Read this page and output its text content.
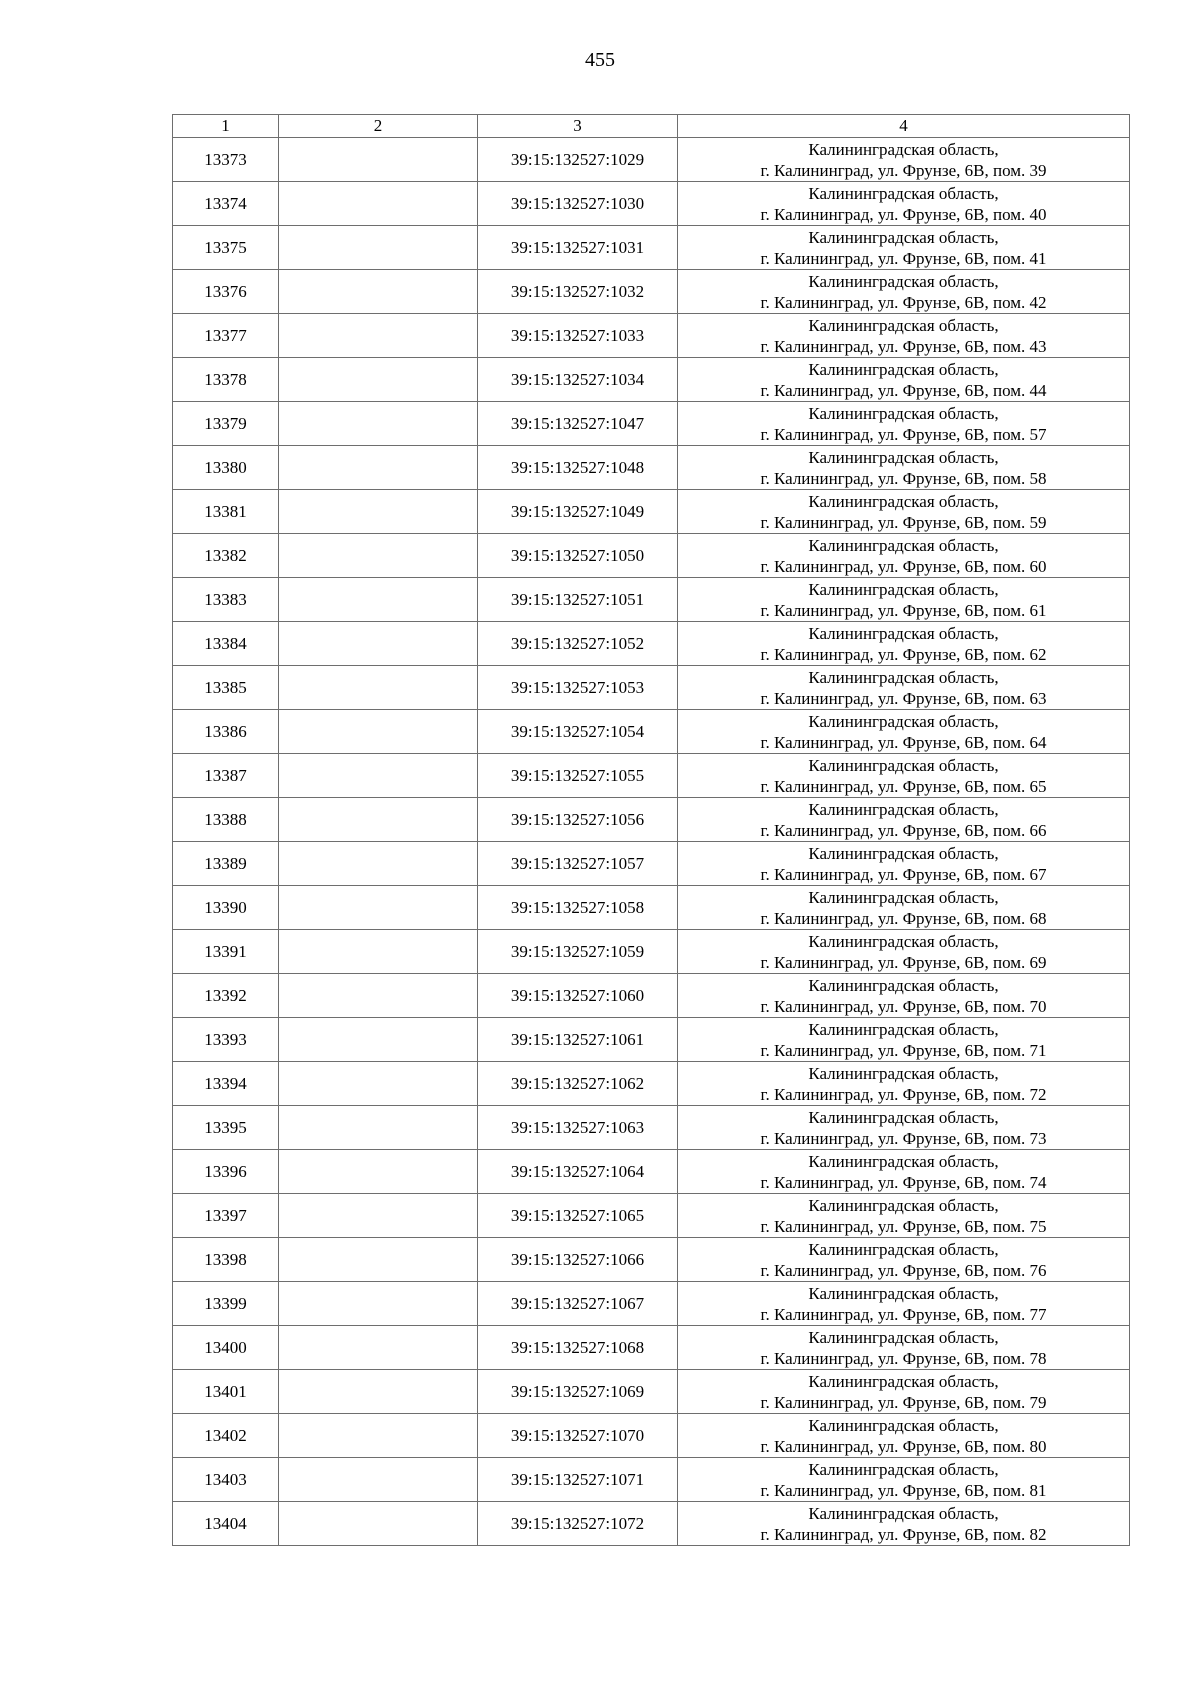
455
1	2	3	4
13373		39:15:132527:1029	Калининградская область,
г. Калининград, ул. Фрунзе, 6В, пом. 39

13374		39:15:132527:1030	Калининградская область,
г. Калининград, ул. Фрунзе, 6В, пом. 40

13375		39:15:132527:1031	Калининградская область,
г. Калининград, ул. Фрунзе, 6В, пом. 41

13376		39:15:132527:1032	Калининградская область,
г. Калининград, ул. Фрунзе, 6В, пом. 42

13377		39:15:132527:1033	Калининградская область,
г. Калининград, ул. Фрунзе, 6В, пом. 43

13378		39:15:132527:1034	Калининградская область,
г. Калининград, ул. Фрунзе, 6В, пом. 44

13379		39:15:132527:1047	Калининградская область,
г. Калининград, ул. Фрунзе, 6В, пом. 57

13380		39:15:132527:1048	Калининградская область,
г. Калининград, ул. Фрунзе, 6В, пом. 58

13381		39:15:132527:1049	Калининградская область,
г. Калининград, ул. Фрунзе, 6В, пом. 59

13382		39:15:132527:1050	Калининградская область,
г. Калининград, ул. Фрунзе, 6В, пом. 60

13383		39:15:132527:1051	Калининградская область,
г. Калининград, ул. Фрунзе, 6В, пом. 61

13384		39:15:132527:1052	Калининградская область,
г. Калининград, ул. Фрунзе, 6В, пом. 62

13385		39:15:132527:1053	Калининградская область,
г. Калининград, ул. Фрунзе, 6В, пом. 63

13386		39:15:132527:1054	Калининградская область,
г. Калининград, ул. Фрунзе, 6В, пом. 64

13387		39:15:132527:1055	Калининградская область,
г. Калининград, ул. Фрунзе, 6В, пом. 65

13388		39:15:132527:1056	Калининградская область,
г. Калининград, ул. Фрунзе, 6В, пом. 66

13389		39:15:132527:1057	Калининградская область,
г. Калининград, ул. Фрунзе, 6В, пом. 67

13390		39:15:132527:1058	Калининградская область,
г. Калининград, ул. Фрунзе, 6В, пом. 68

13391		39:15:132527:1059	Калининградская область,
г. Калининград, ул. Фрунзе, 6В, пом. 69

13392		39:15:132527:1060	Калининградская область,
г. Калининград, ул. Фрунзе, 6В, пом. 70

13393		39:15:132527:1061	Калининградская область,
г. Калининград, ул. Фрунзе, 6В, пом. 71

13394		39:15:132527:1062	Калининградская область,
г. Калининград, ул. Фрунзе, 6В, пом. 72

13395		39:15:132527:1063	Калининградская область,
г. Калининград, ул. Фрунзе, 6В, пом. 73

13396		39:15:132527:1064	Калининградская область,
г. Калининград, ул. Фрунзе, 6В, пом. 74

13397		39:15:132527:1065	Калининградская область,
г. Калининград, ул. Фрунзе, 6В, пом. 75

13398		39:15:132527:1066	Калининградская область,
г. Калининград, ул. Фрунзе, 6В, пом. 76

13399		39:15:132527:1067	Калининградская область,
г. Калининград, ул. Фрунзе, 6В, пом. 77

13400		39:15:132527:1068	Калининградская область,
г. Калининград, ул. Фрунзе, 6В, пом. 78

13401		39:15:132527:1069	Калининградская область,
г. Калининград, ул. Фрунзе, 6В, пом. 79

13402		39:15:132527:1070	Калининградская область,
г. Калининград, ул. Фрунзе, 6В, пом. 80

13403		39:15:132527:1071	Калининградская область,
г. Калининград, ул. Фрунзе, 6В, пом. 81

13404		39:15:132527:1072	Калининградская область,
г. Калининград, ул. Фрунзе, 6В, пом. 82
